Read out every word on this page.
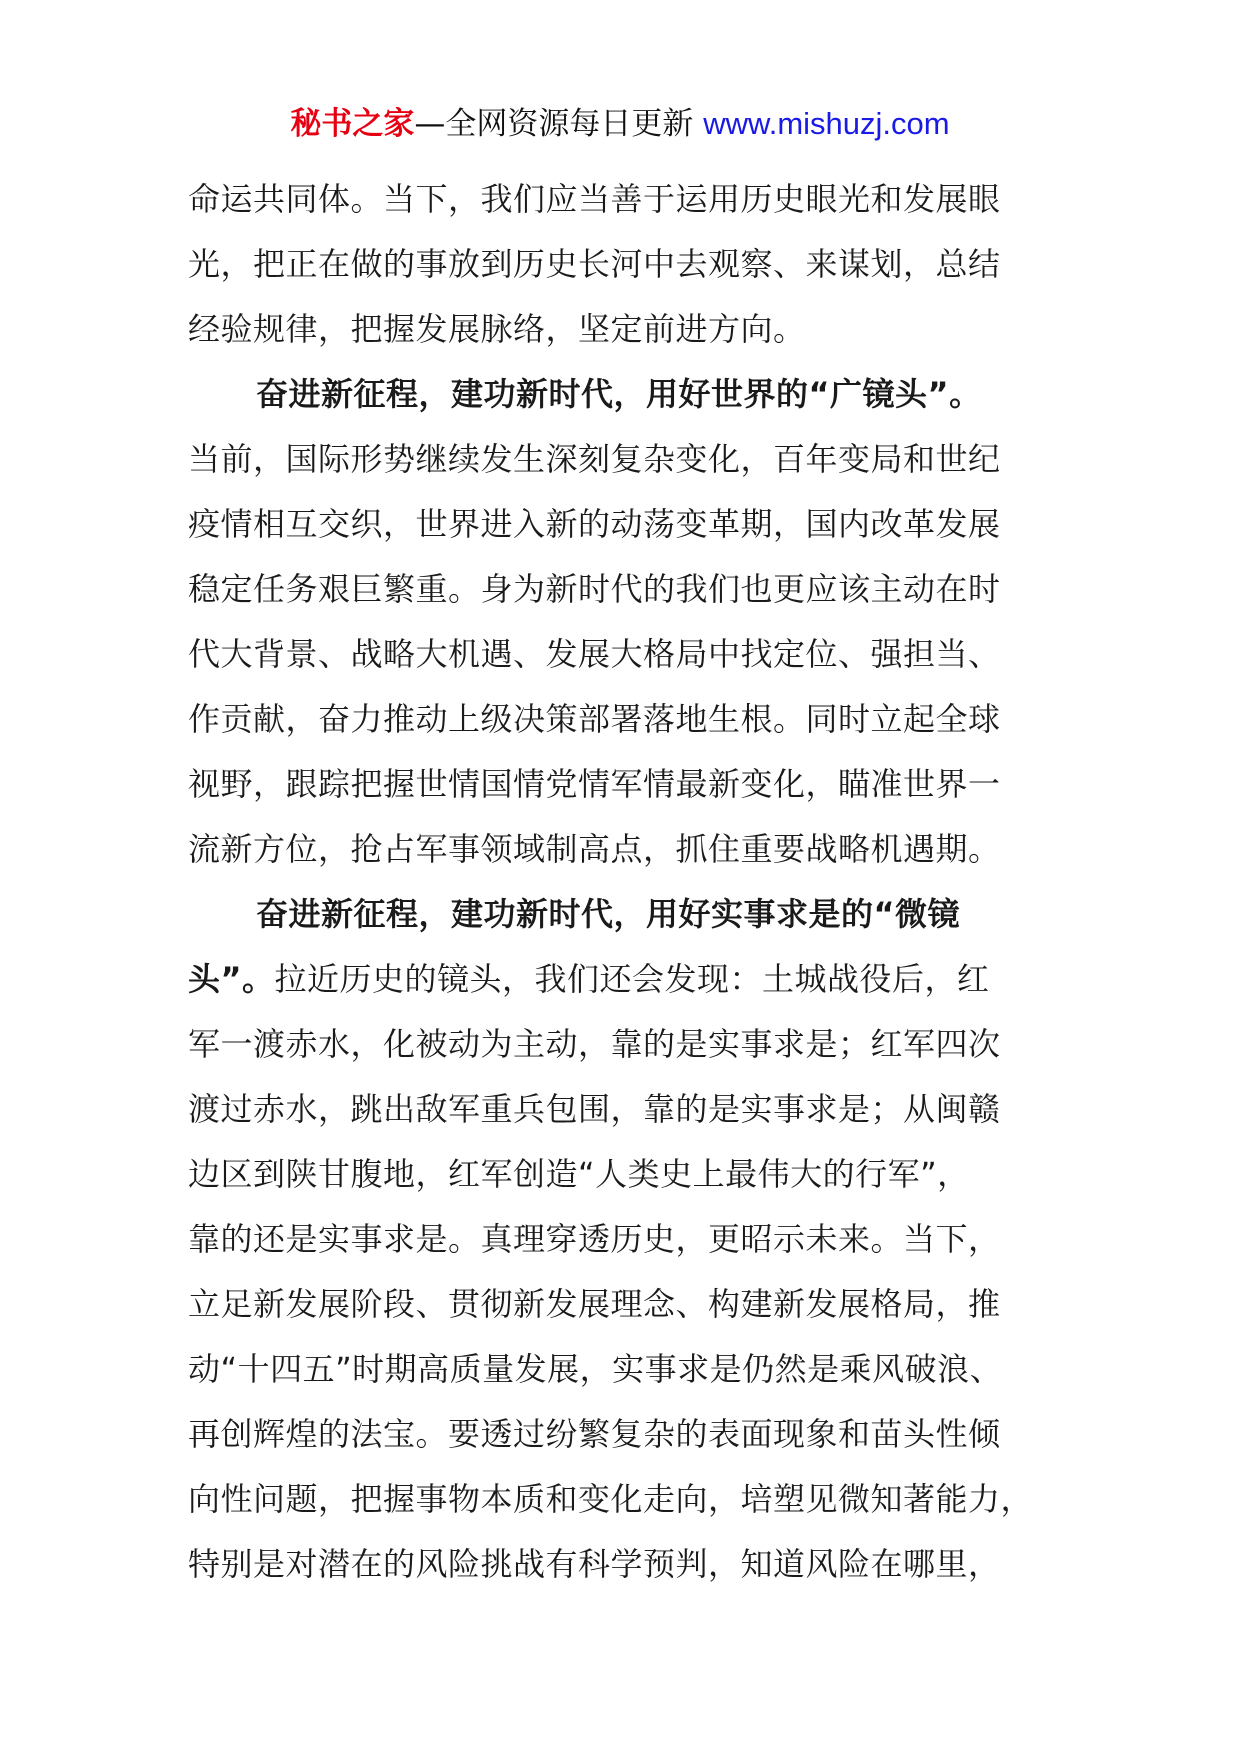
秘书之家—全网资源每日更新 www.mishuzj.com
命运共同体。当下，我们应当善于运用历史眼光和发展眼
光，把正在做的事放到历史长河中去观察、来谋划，总结
经验规律，把握发展脉络，坚定前进方向。
奋进新征程，建功新时代，用好世界的“广镜头”。
当前，国际形势继续发生深刻复杂变化，百年变局和世纪
疫情相互交织，世界进入新的动荡变革期，国内改革发展
稳定任务艰巨繁重。身为新时代的我们也更应该主动在时
代大背景、战略大机遇、发展大格局中找定位、强担当、
作贡献，奋力推动上级决策部署落地生根。同时立起全球
视野，跟踪把握世情国情党情军情最新变化，瞄准世界一
流新方位，抢占军事领域制高点，抓住重要战略机遇期。
奋进新征程，建功新时代，用好实事求是的“微镜
头”。拉近历史的镜头，我们还会发现：土城战役后，红
军一渡赤水，化被动为主动，靠的是实事求是；红军四次
渡过赤水，跳出敌军重兵包围，靠的是实事求是；从闽赣
边区到陕甘腹地，红军创造“人类史上最伟大的行军”，
靠的还是实事求是。真理穿透历史，更昭示未来。当下，
立足新发展阶段、贯彻新发展理念、构建新发展格局，推
动“十四五”时期高质量发展，实事求是仍然是乘风破浪、
再创辉煌的法宝。要透过纷繁复杂的表面现象和苗头性倾
向性问题，把握事物本质和变化走向，培塑见微知著能力，
特别是对潜在的风险挑战有科学预判，知道风险在哪里，
